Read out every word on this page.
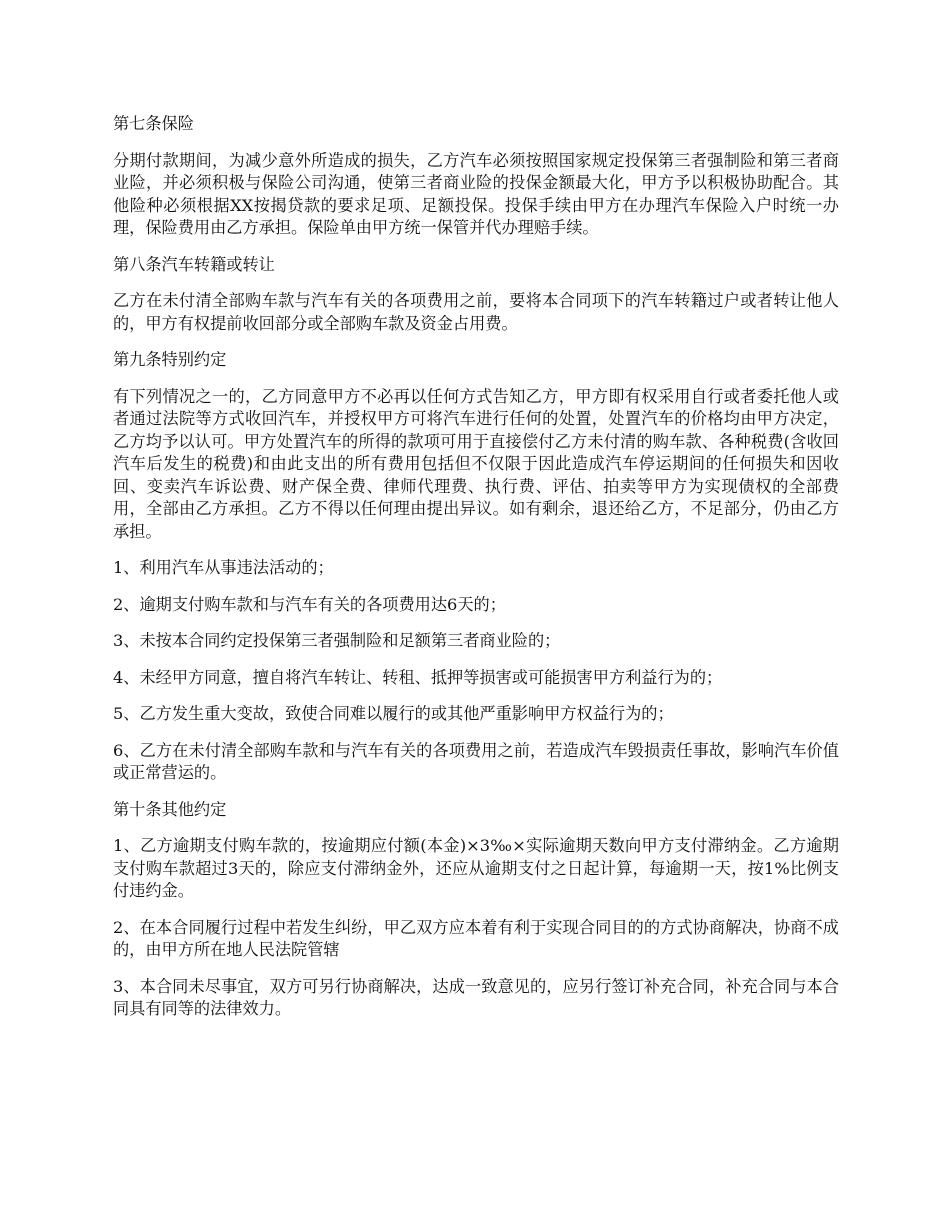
第七条保险

分期付款期间，为减少意外所造成的损失，乙方汽车必须按照国家规定投保第三者强制险和第三者商业险，并必须积极与保险公司沟通，使第三者商业险的投保金额最大化，甲方予以积极协助配合。其他险种必须根据XX按揭贷款的要求足项、足额投保。投保手续由甲方在办理汽车保险入户时统一办理，保险费用由乙方承担。保险单由甲方统一保管并代办理赔手续。

第八条汽车转籍或转让

乙方在未付清全部购车款与汽车有关的各项费用之前，要将本合同项下的汽车转籍过户或者转让他人的，甲方有权提前收回部分或全部购车款及资金占用费。

第九条特别约定

有下列情况之一的，乙方同意甲方不必再以任何方式告知乙方，甲方即有权采用自行或者委托他人或者通过法院等方式收回汽车，并授权甲方可将汽车进行任何的处置，处置汽车的价格均由甲方决定，乙方均予以认可。甲方处置汽车的所得的款项可用于直接偿付乙方未付清的购车款、各种税费(含收回汽车后发生的税费)和由此支出的所有费用包括但不仅限于因此造成汽车停运期间的任何损失和因收回、变卖汽车诉讼费、财产保全费、律师代理费、执行费、评估、拍卖等甲方为实现债权的全部费用，全部由乙方承担。乙方不得以任何理由提出异议。如有剩余，退还给乙方，不足部分，仍由乙方承担。

1、利用汽车从事违法活动的；

2、逾期支付购车款和与汽车有关的各项费用达6天的；

3、未按本合同约定投保第三者强制险和足额第三者商业险的；

4、未经甲方同意，擅自将汽车转让、转租、抵押等损害或可能损害甲方利益行为的；

5、乙方发生重大变故，致使合同难以履行的或其他严重影响甲方权益行为的；

6、乙方在未付清全部购车款和与汽车有关的各项费用之前，若造成汽车毁损责任事故，影响汽车价值或正常营运的。

第十条其他约定

1、乙方逾期支付购车款的，按逾期应付额(本金)×3‰×实际逾期天数向甲方支付滞纳金。乙方逾期支付购车款超过3天的，除应支付滞纳金外，还应从逾期支付之日起计算，每逾期一天，按1%比例支付违约金。

2、在本合同履行过程中若发生纠纷，甲乙双方应本着有利于实现合同目的的方式协商解决，协商不成的，由甲方所在地人民法院管辖

3、本合同未尽事宜，双方可另行协商解决，达成一致意见的，应另行签订补充合同，补充合同与本合同具有同等的法律效力。
